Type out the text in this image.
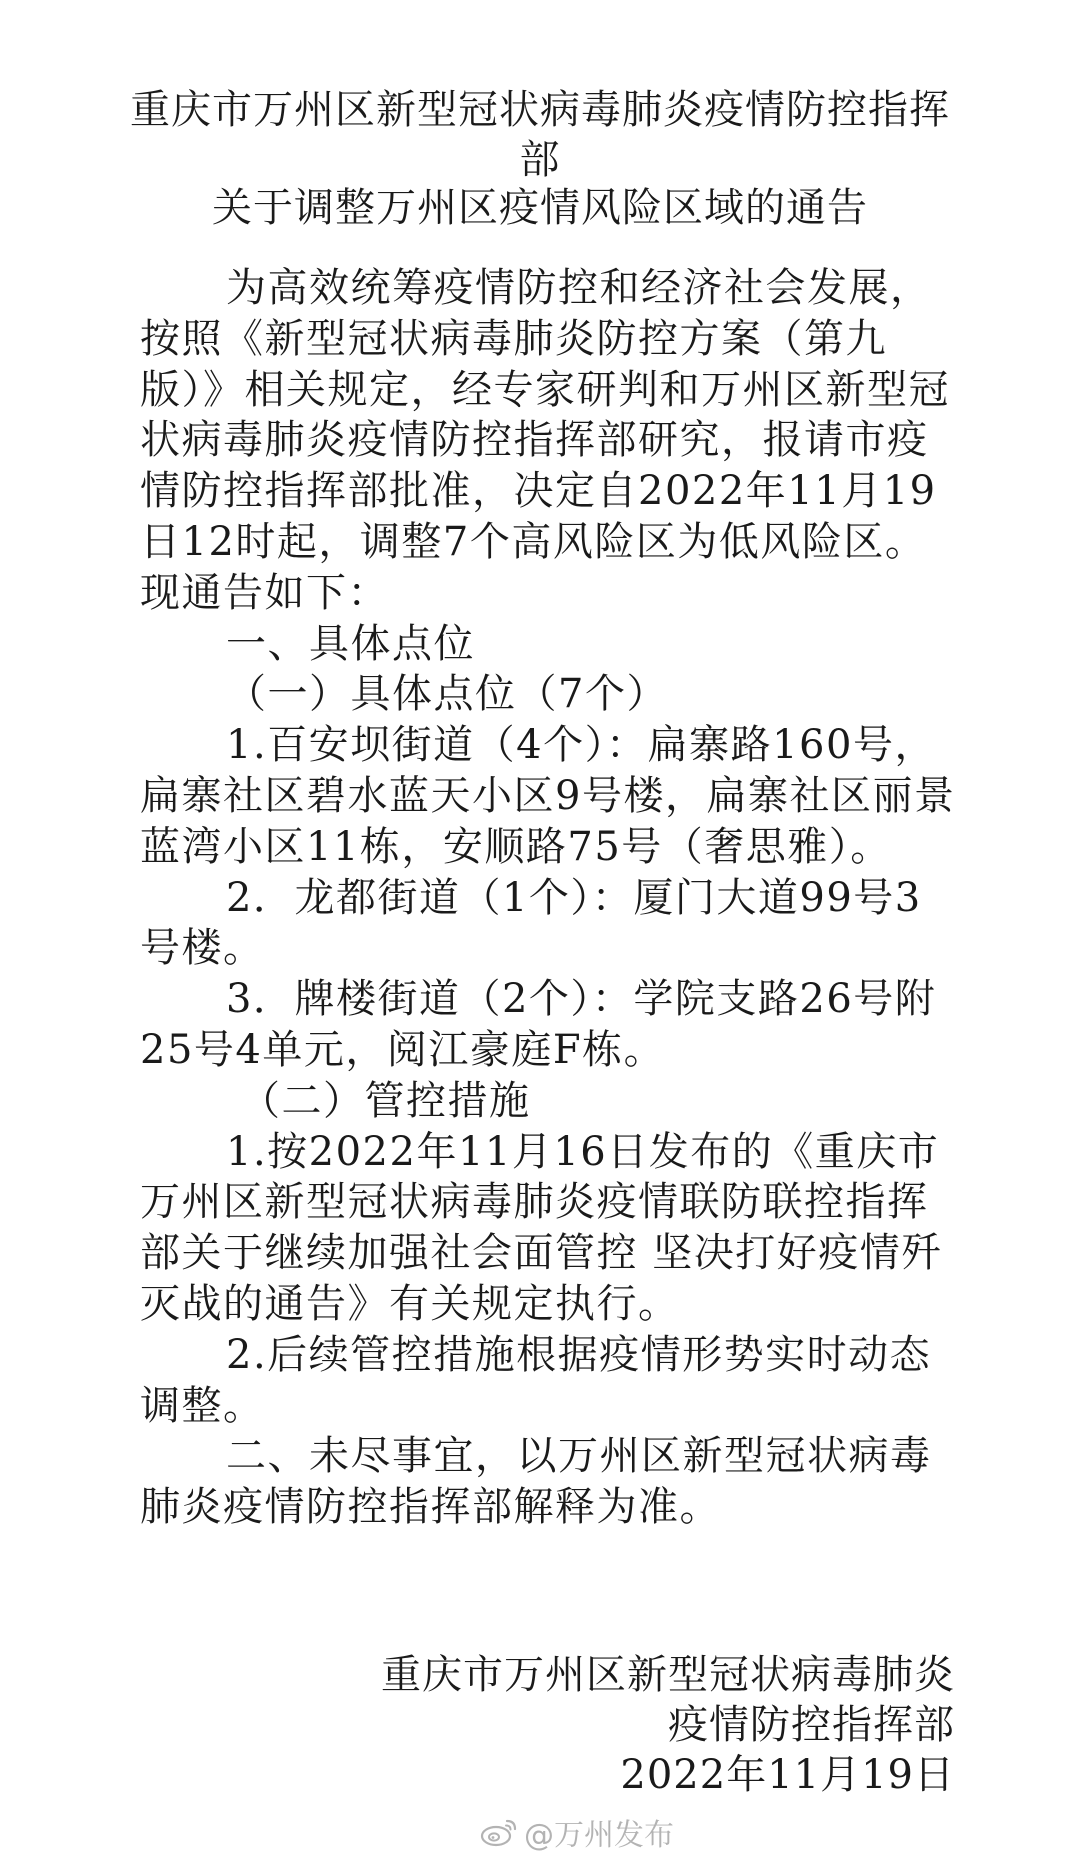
重庆市万州区新型冠状病毒肺炎疫情防控指挥
部
关于调整万州区疫情风险区域的通告

为高效统筹疫情防控和经济社会发展，按照《新型冠状病毒肺炎防控方案（第九版）》相关规定，经专家研判和万州区新型冠状病毒肺炎疫情防控指挥部研究，报请市疫情防控指挥部批准，决定自2022年11月19日12时起，调整7个高风险区为低风险区。现通告如下：

一、具体点位

（一）具体点位（7个）

1.百安坝街道（4个）：扁寨路160号，扁寨社区碧水蓝天小区9号楼，扁寨社区丽景蓝湾小区11栋，安顺路75号（奢思雅）。

2．龙都街道（1个）：厦门大道99号3号楼。

3．牌楼街道（2个）：学院支路26号附25号4单元，阅江豪庭F栋。

（二）管控措施

1.按2022年11月16日发布的《重庆市万州区新型冠状病毒肺炎疫情联防联控指挥部关于继续加强社会面管控 坚决打好疫情歼灭战的通告》有关规定执行。

2.后续管控措施根据疫情形势实时动态调整。

二、未尽事宜，以万州区新型冠状病毒肺炎疫情防控指挥部解释为准。

重庆市万州区新型冠状病毒肺炎

疫情防控指挥部

2022年11月19日

@万州发布
